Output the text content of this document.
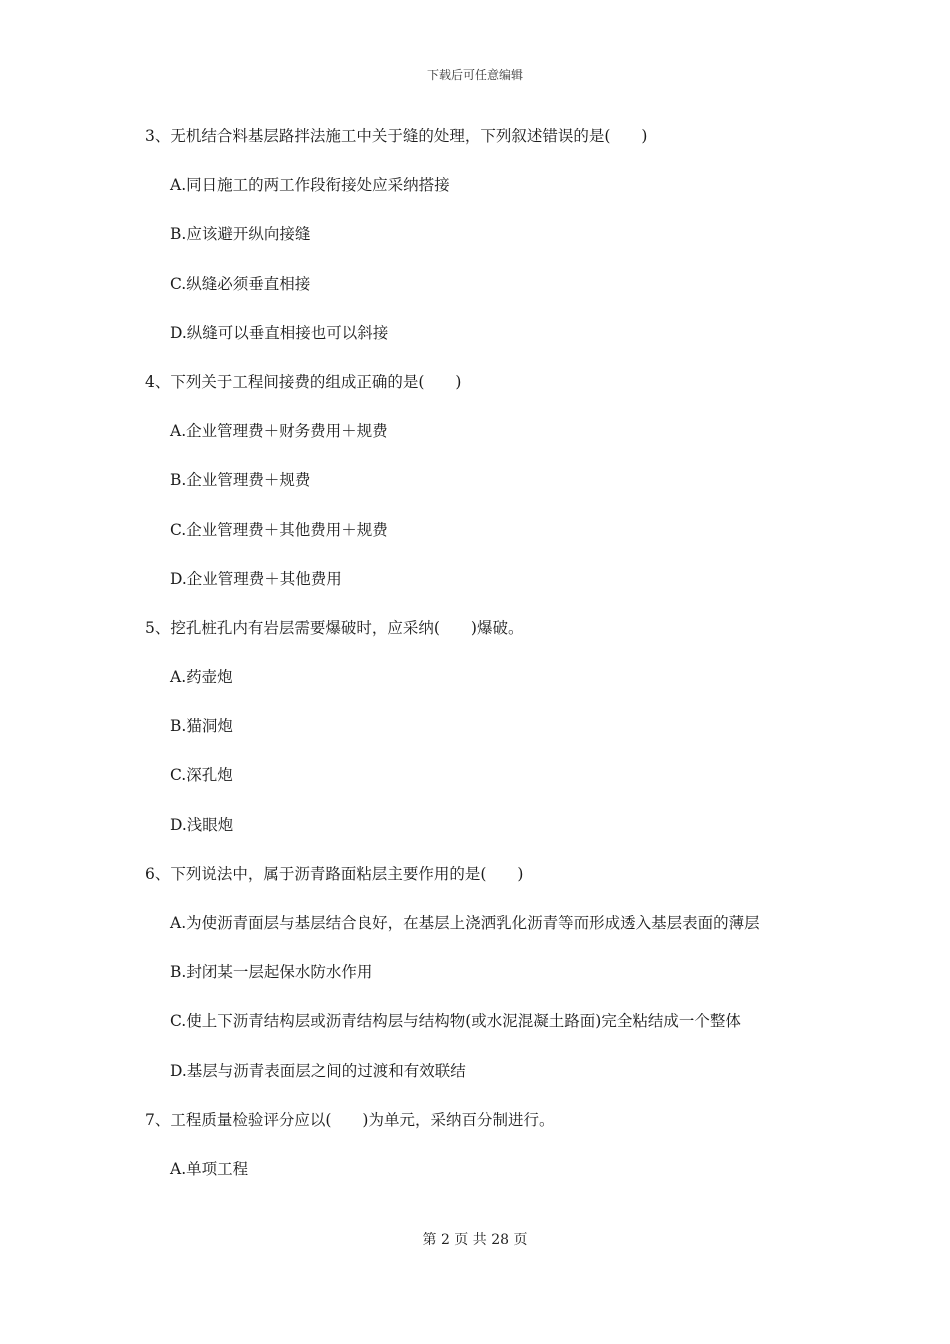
下载后可任意编辑
3、无机结合料基层路拌法施工中关于缝的处理，下列叙述错误的是(　　)
A.同日施工的两工作段衔接处应采纳搭接
B.应该避开纵向接缝
C.纵缝必须垂直相接
D.纵缝可以垂直相接也可以斜接
4、下列关于工程间接费的组成正确的是(　　)
A.企业管理费＋财务费用＋规费
B.企业管理费＋规费
C.企业管理费＋其他费用＋规费
D.企业管理费＋其他费用
5、挖孔桩孔内有岩层需要爆破时，应采纳(　　)爆破。
A.药壶炮
B.猫洞炮
C.深孔炮
D.浅眼炮
6、下列说法中，属于沥青路面粘层主要作用的是(　　)
A.为使沥青面层与基层结合良好，在基层上浇洒乳化沥青等而形成透入基层表面的薄层
B.封闭某一层起保水防水作用
C.使上下沥青结构层或沥青结构层与结构物(或水泥混凝土路面)完全粘结成一个整体
D.基层与沥青表面层之间的过渡和有效联结
7、工程质量检验评分应以(　　)为单元，采纳百分制进行。
A.单项工程
第 2 页 共 28 页
